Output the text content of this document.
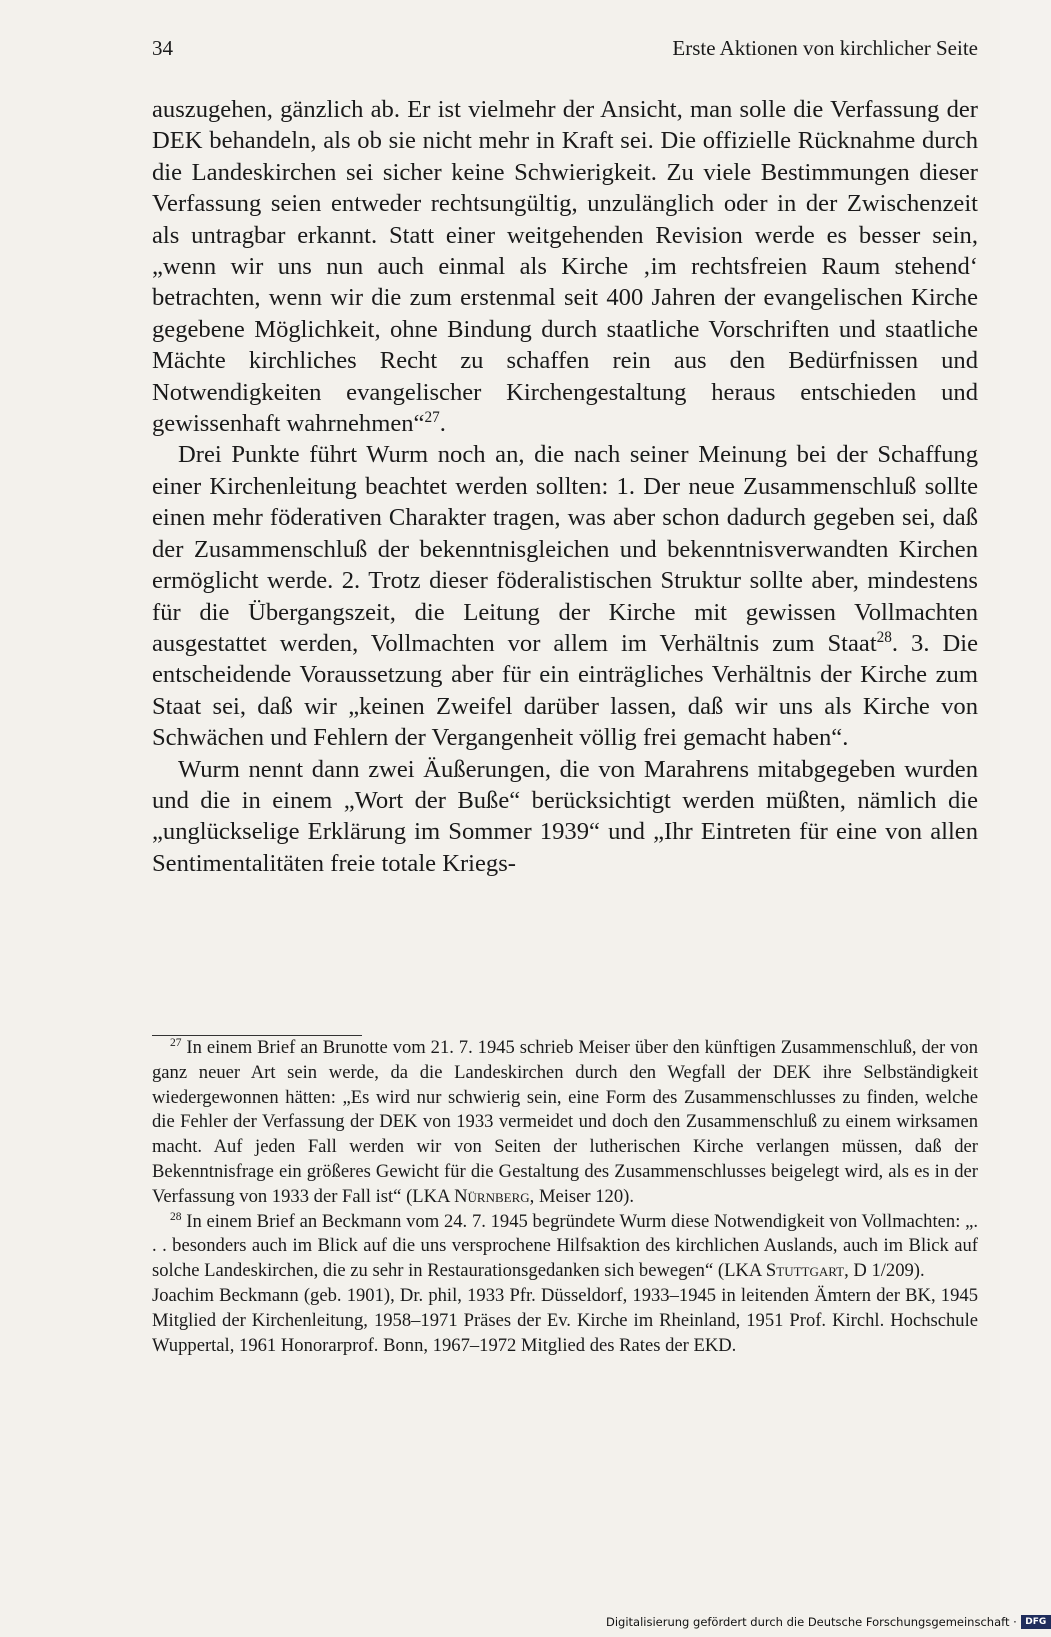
34	Erste Aktionen von kirchlicher Seite

auszugehen, gänzlich ab. Er ist vielmehr der Ansicht, man solle die Verfassung der DEK behandeln, als ob sie nicht mehr in Kraft sei. Die offizielle Rücknahme durch die Landeskirchen sei sicher keine Schwierigkeit. Zu viele Bestimmungen dieser Verfassung seien entweder rechtsungültig, unzulänglich oder in der Zwischenzeit als untragbar erkannt. Statt einer weitgehenden Revision werde es besser sein, „wenn wir uns nun auch einmal als Kirche ‚im rechtsfreien Raum stehend‘ betrachten, wenn wir die zum erstenmal seit 400 Jahren der evangelischen Kirche gegebene Möglichkeit, ohne Bindung durch staatliche Vorschriften und staatliche Mächte kirchliches Recht zu schaffen rein aus den Bedürfnissen und Notwendigkeiten evangelischer Kirchengestaltung heraus entschieden und gewissenhaft wahrnehmen“$^{27}$.

Drei Punkte führt Wurm noch an, die nach seiner Meinung bei der Schaffung einer Kirchenleitung beachtet werden sollten: 1. Der neue Zusammenschluß sollte einen mehr föderativen Charakter tragen, was aber schon dadurch gegeben sei, daß der Zusammenschluß der bekenntnisgleichen und bekenntnisverwandten Kirchen ermöglicht werde. 2. Trotz dieser föderalistischen Struktur sollte aber, mindestens für die Übergangszeit, die Leitung der Kirche mit gewissen Vollmachten ausgestattet werden, Vollmachten vor allem im Verhältnis zum Staat$^{28}$. 3. Die entscheidende Voraussetzung aber für ein einträgliches Verhältnis der Kirche zum Staat sei, daß wir „keinen Zweifel darüber lassen, daß wir uns als Kirche von Schwächen und Fehlern der Vergangenheit völlig frei gemacht haben“.

Wurm nennt dann zwei Äußerungen, die von Marahrens mitabgegeben wurden und die in einem „Wort der Buße“ berücksichtigt werden müßten, nämlich die „unglückselige Erklärung im Sommer 1939“ und „Ihr Eintreten für eine von allen Sentimentalitäten freie totale Kriegs-

$^{27}$ In einem Brief an Brunotte vom 21. 7. 1945 schrieb Meiser über den künftigen Zusammenschluß, der von ganz neuer Art sein werde, da die Landeskirchen durch den Wegfall der DEK ihre Selbständigkeit wiedergewonnen hätten: „Es wird nur schwierig sein, eine Form des Zusammenschlusses zu finden, welche die Fehler der Verfassung der DEK von 1933 vermeidet und doch den Zusammenschluß zu einem wirksamen macht. Auf jeden Fall werden wir von Seiten der lutherischen Kirche verlangen müssen, daß der Bekenntnisfrage ein größeres Gewicht für die Gestaltung des Zusammenschlusses beigelegt wird, als es in der Verfassung von 1933 der Fall ist“ (LKA Nürnberg, Meiser 120).

$^{28}$ In einem Brief an Beckmann vom 24. 7. 1945 begründete Wurm diese Notwendigkeit von Vollmachten: „. . . besonders auch im Blick auf die uns versprochene Hilfsaktion des kirchlichen Auslands, auch im Blick auf solche Landeskirchen, die zu sehr in Restaurationsgedanken sich bewegen“ (LKA Stuttgart, D 1/209).

Joachim Beckmann (geb. 1901), Dr. phil, 1933 Pfr. Düsseldorf, 1933–1945 in leitenden Ämtern der BK, 1945 Mitglied der Kirchenleitung, 1958–1971 Präses der Ev. Kirche im Rheinland, 1951 Prof. Kirchl. Hochschule Wuppertal, 1961 Honorarprof. Bonn, 1967–1972 Mitglied des Rates der EKD.

Digitalisierung gefördert durch die Deutsche Forschungsgemeinschaft · DFG
